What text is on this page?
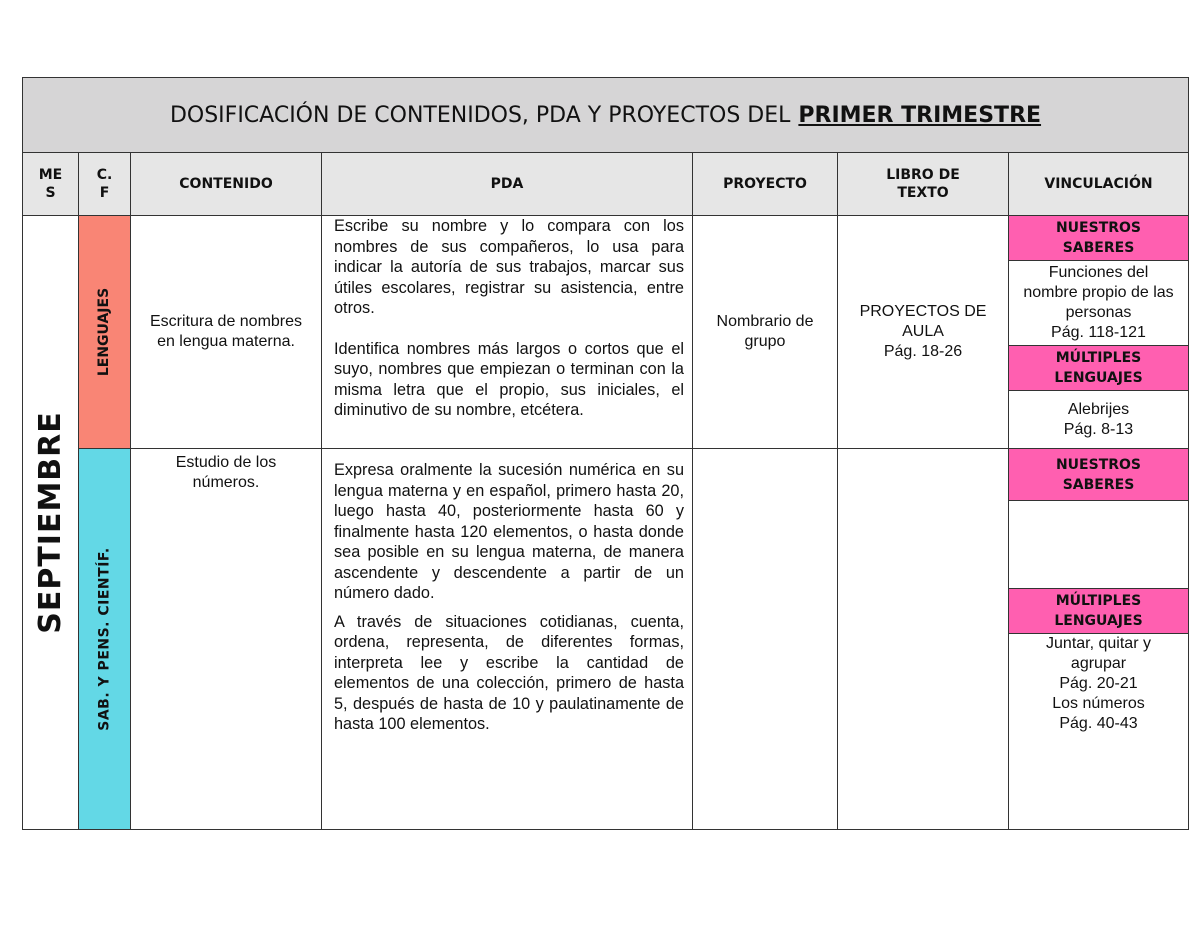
DOSIFICACIÓN DE CONTENIDOS, PDA Y PROYECTOS DEL PRIMER TRIMESTRE
ME S
C. F
CONTENIDO	PDA	PROYECTO
LIBRO DE TEXTO
VINCULACIÓN
SEPTIEMBRE
LENGUAJES Escritura de nombres en lengua materna.

Escribe su nombre y lo compara con los nombres de sus compañeros, lo usa para indicar la autoría de sus trabajos, marcar sus útiles escolares, registrar su asistencia, entre otros.

Identifica nombres más largos o cortos que el suyo, nombres que empiezan o terminan con la misma letra que el propio, sus iniciales, el diminutivo de su nombre, etcétera.

Nombrario de grupo
PROYECTOS DE AULA
Pág. 18-26
NUESTROS SABERES
Funciones del nombre propio de las personas
Pág. 118-121
MÚLTIPLES LENGUAJES
Alebrijes
Pág. 8-13
SAB. Y PENS. CIENTÍF.
Estudio de los números.

Expresa oralmente la sucesión numérica en su lengua materna y en español, primero hasta 20, luego hasta 40, posteriormente hasta 60 y finalmente hasta 120 elementos, o hasta donde sea posible en su lengua materna, de manera ascendente y descendente a partir de un número dado.

A través de situaciones cotidianas, cuenta, ordena, representa, de diferentes formas, interpreta lee y escribe la cantidad de elementos de una colección, primero de hasta 5, después de hasta de 10 y paulatinamente de hasta 100 elementos.

NUESTROS SABERES
MÚLTIPLES LENGUAJES
Juntar, quitar y agrupar
Pág. 20-21
Los números
Pág. 40-43
